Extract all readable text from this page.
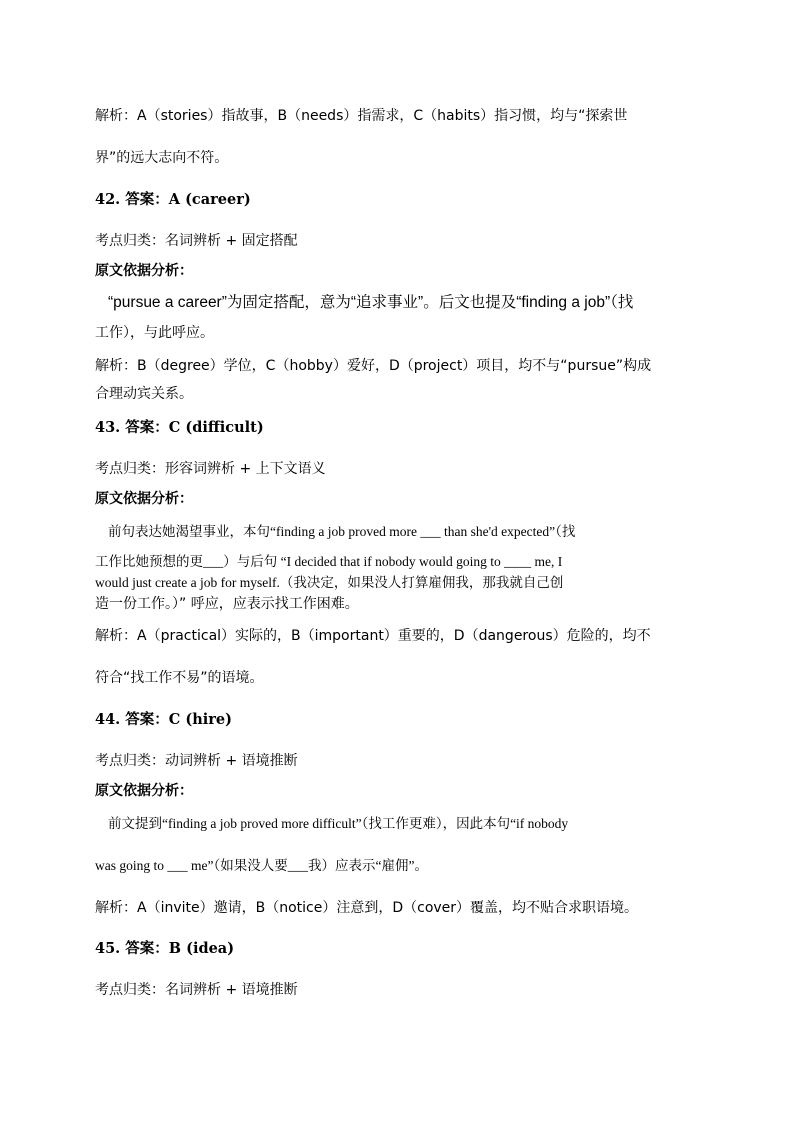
解析：A（stories）指故事，B（needs）指需求，C（habits）指习惯，均与“探索世
界”的远大志向不符。
42. 答案：A (career)
考点归类：名词辨析 + 固定搭配
原文依据分析：
“pursue a career”为固定搭配，意为“追求事业”。后文也提及“finding a job”（找
工作），与此呼应。
解析：B（degree）学位，C（hobby）爱好，D（project）项目，均不与“pursue”构成
合理动宾关系。
43. 答案：C (difficult)
考点归类：形容词辨析 + 上下文语义
原文依据分析：
前句表达她渴望事业，本句“finding a job proved more ___ than she'd expected”（找
工作比她预想的更___）与后句 “I decided that if nobody would going to ____ me, I
would just create a job for myself.（我决定，如果没人打算雇佣我，那我就自己创
造一份工作。）” 呼应，应表示找工作困难。
解析：A（practical）实际的，B（important）重要的，D（dangerous）危险的，均不
符合“找工作不易”的语境。
44. 答案：C (hire)
考点归类：动词辨析 + 语境推断
原文依据分析：
前文提到“finding a job proved more difficult”（找工作更难），因此本句“if nobody
was going to ___ me”（如果没人要___我）应表示“雇佣”。
解析：A（invite）邀请，B（notice）注意到，D（cover）覆盖，均不贴合求职语境。
45. 答案：B (idea)
考点归类：名词辨析 + 语境推断
